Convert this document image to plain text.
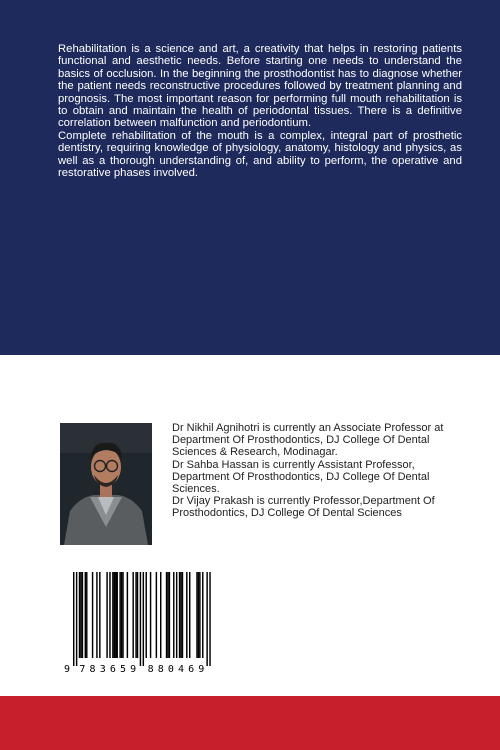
Rehabilitation is a science and art, a creativity that helps in restoring patients functional and aesthetic needs. Before starting one needs to understand the basics of occlusion. In the beginning the prosthodontist has to diagnose whether the patient needs reconstructive procedures followed by treatment planning and prognosis. The most important reason for performing full mouth rehabilitation is to obtain and maintain the health of periodontal tissues. There is a definitive correlation between malfunction and periodontium.

Complete rehabilitation of the mouth is a complex, integral part of prosthetic dentistry, requiring knowledge of physiology, anatomy, histology and physics, as well as a thorough understanding of, and ability to perform, the operative and restorative phases involved.

Dr Nikhil Agnihotri is currently an Associate Professor at Department Of Prosthodontics, DJ College Of Dental Sciences & Research, Modinagar.

Dr Sahba Hassan is currently Assistant Professor, Department Of Prosthodontics, DJ College Of Dental Sciences.

Dr Vijay Prakash is currently Professor,Department Of Prosthodontics, DJ College Of Dental Sciences

9 7 8 3 6 5 9 8 8 0 4 6 9
